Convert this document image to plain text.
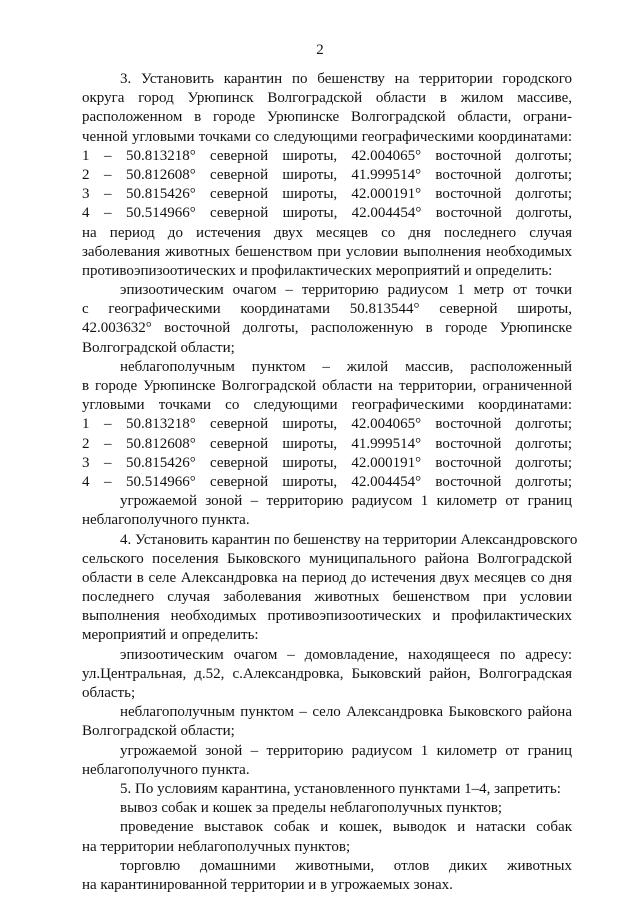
2
3. Установить карантин по бешенству на территории городского
округа город Урюпинск Волгоградской области в жилом массиве,
расположенном в городе Урюпинске Волгоградской области, ограни-
ченной угловыми точками со следующими географическими координатами:
1 – 50.813218° северной широты, 42.004065° восточной долготы;
2 – 50.812608° северной широты, 41.999514° восточной долготы;
3 – 50.815426° северной широты, 42.000191° восточной долготы;
4 – 50.514966° северной широты, 42.004454° восточной долготы,
на период до истечения двух месяцев со дня последнего случая
заболевания животных бешенством при условии выполнения необходимых
противоэпизоотических и профилактических мероприятий и определить:
эпизоотическим очагом – территорию радиусом 1 метр от точки
с географическими координатами 50.813544° северной широты,
42.003632° восточной долготы, расположенную в городе Урюпинске
Волгоградской области;
неблагополучным пунктом – жилой массив, расположенный
в городе Урюпинске Волгоградской области на территории, ограниченной
угловыми точками со следующими географическими координатами:
1 – 50.813218° северной широты, 42.004065° восточной долготы;
2 – 50.812608° северной широты, 41.999514° восточной долготы;
3 – 50.815426° северной широты, 42.000191° восточной долготы;
4 – 50.514966° северной широты, 42.004454° восточной долготы;
угрожаемой зоной – территорию радиусом 1 километр от границ
неблагополучного пункта.
4. Установить карантин по бешенству на территории Александровского
сельского поселения Быковского муниципального района Волгоградской
области в селе Александровка на период до истечения двух месяцев со дня
последнего случая заболевания животных бешенством при условии
выполнения необходимых противоэпизоотических и профилактических
мероприятий и определить:
эпизоотическим очагом – домовладение, находящееся по адресу:
ул.Центральная, д.52, с.Александровка, Быковский район, Волгоградская
область;
неблагополучным пунктом – село Александровка Быковского района
Волгоградской области;
угрожаемой зоной – территорию радиусом 1 километр от границ
неблагополучного пункта.
5. По условиям карантина, установленного пунктами 1–4, запретить:
вывоз собак и кошек за пределы неблагополучных пунктов;
проведение выставок собак и кошек, выводок и натаски собак
на территории неблагополучных пунктов;
торговлю домашними животными, отлов диких животных
на карантинированной территории и в угрожаемых зонах.
